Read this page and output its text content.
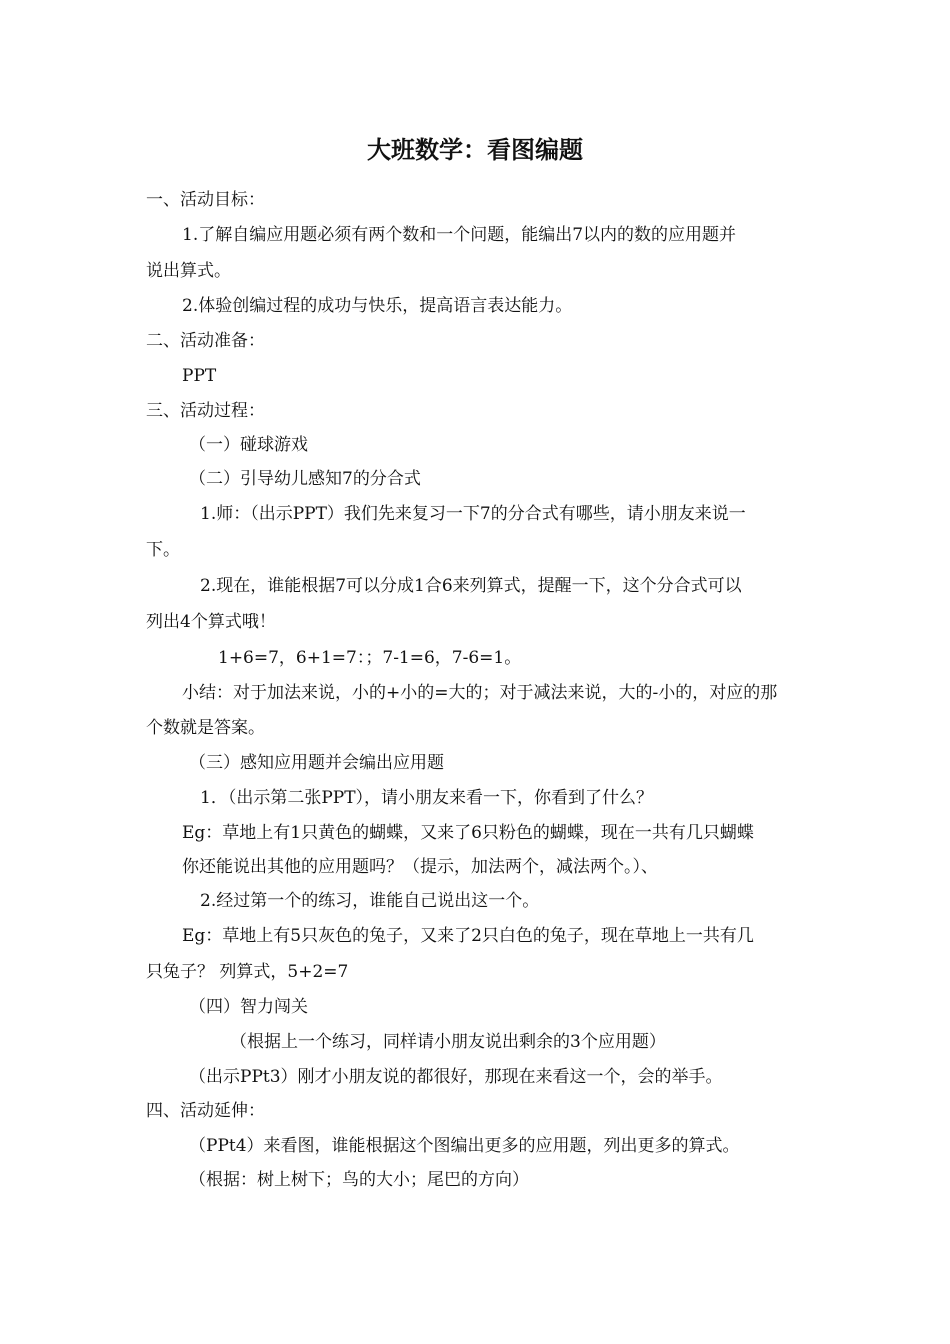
大班数学：看图编题
一、活动目标：
1.了解自编应用题必须有两个数和一个问题，能编出7以内的数的应用题并
说出算式。
2.体验创编过程的成功与快乐，提高语言表达能力。
二、活动准备：
PPT
三、活动过程：
（一）碰球游戏
（二）引导幼儿感知7的分合式
1.师：（出示PPT）我们先来复习一下7的分合式有哪些，请小朋友来说一
下。
2.现在，谁能根据7可以分成1合6来列算式，提醒一下，这个分合式可以
列出4个算式哦！
1+6=7，6+1=7：；7-1=6，7-6=1。
小结：对于加法来说，小的+小的=大的；对于减法来说，大的-小的，对应的那
个数就是答案。
（三）感知应用题并会编出应用题
1．（出示第二张PPT），请小朋友来看一下，你看到了什么？
Eg：草地上有1只黄色的蝴蝶，又来了6只粉色的蝴蝶，现在一共有几只蝴蝶
你还能说出其他的应用题吗？（提示，加法两个，减法两个。）、
2.经过第一个的练习，谁能自己说出这一个。
Eg：草地上有5只灰色的兔子，又来了2只白色的兔子，现在草地上一共有几
只兔子？ 列算式，5+2=7
（四）智力闯关
（根据上一个练习，同样请小朋友说出剩余的3个应用题）
（出示PPt3）刚才小朋友说的都很好，那现在来看这一个，会的举手。
四、活动延伸：
（PPt4）来看图，谁能根据这个图编出更多的应用题，列出更多的算式。
（根据：树上树下；鸟的大小；尾巴的方向）
